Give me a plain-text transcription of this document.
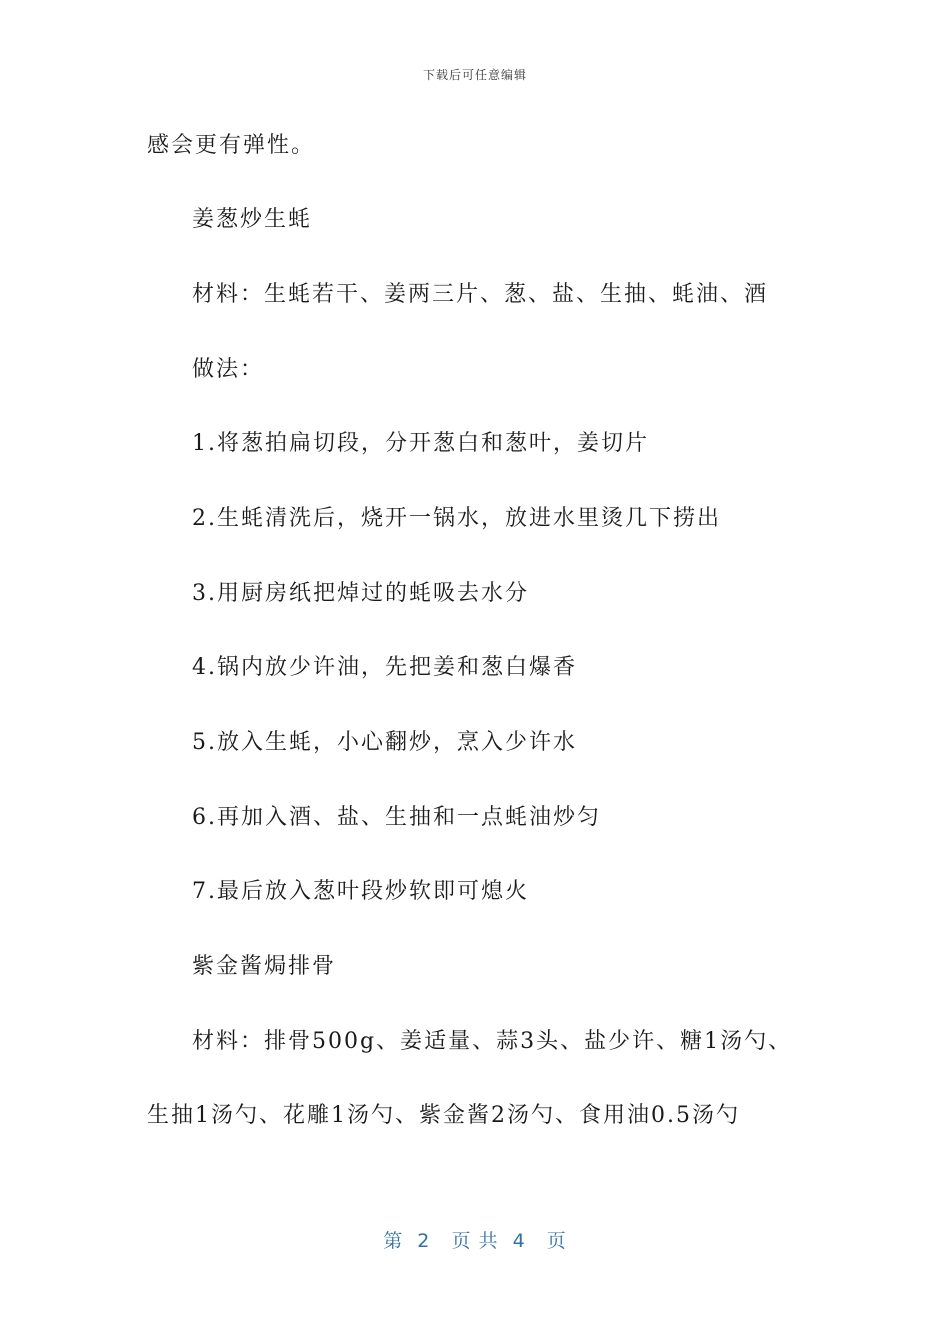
下载后可任意编辑
感会更有弹性。
姜葱炒生蚝
材料：生蚝若干、姜两三片、葱、盐、生抽、蚝油、酒
做法：
1.将葱拍扁切段，分开葱白和葱叶，姜切片
2.生蚝清洗后，烧开一锅水，放进水里烫几下捞出
3.用厨房纸把焯过的蚝吸去水分
4.锅内放少许油，先把姜和葱白爆香
5.放入生蚝，小心翻炒，烹入少许水
6.再加入酒、盐、生抽和一点蚝油炒匀
7.最后放入葱叶段炒软即可熄火
紫金酱焗排骨
材料：排骨500g、姜适量、蒜3头、盐少许、糖1汤勺、
生抽1汤勺、花雕1汤勺、紫金酱2汤勺、食用油0.5汤勺
第  2   页 共  4   页
